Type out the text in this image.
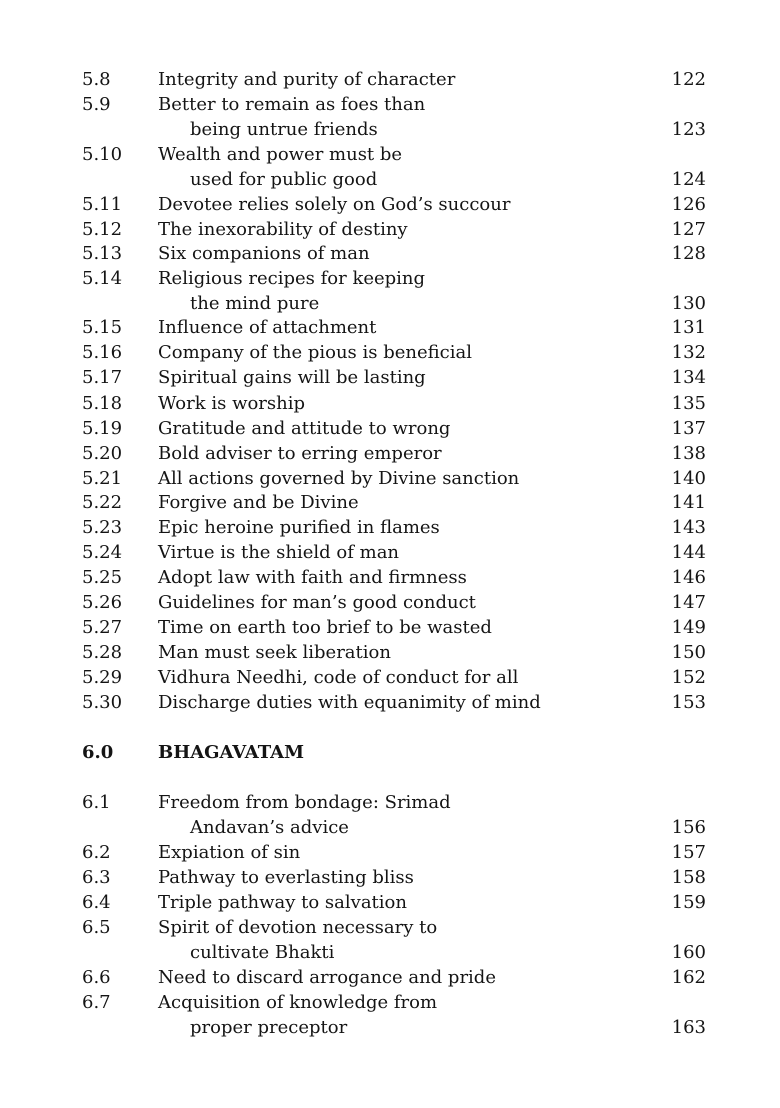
5.8	Integrity and purity of character	122
5.9	Better to remain as foes than
being untrue friends	123
5.10 Wealth and power must be
used for public good	124
5.11 Devotee relies solely on God’s succour	126
5.12 The inexorability of destiny	127
5.13 Six companions of man	128
5.14 Religious recipes for keeping
the mind pure	130
5.15 Influence of attachment	131
5.16 Company of the pious is beneficial	132
5.17 Spiritual gains will be lasting	134
5.18 Work is worship	135
5.19 Gratitude and attitude to wrong	137
5.20 Bold adviser to erring emperor	138
5.21 All actions governed by Divine sanction	140
5.22 Forgive and be Divine	141
5.23 Epic heroine purified in flames	143
5.24 Virtue is the shield of man	144
5.25 Adopt law with faith and firmness	146
5.26 Guidelines for man’s good conduct	147
5.27 Time on earth too brief to be wasted	149
5.28 Man must seek liberation	150
5.29 Vidhura Needhi, code of conduct for all	152
5.30 Discharge duties with equanimity of mind	153
6.0 BHAGAVATAM
6.1	Freedom from bondage: Srimad
Andavan’s advice	156
6.2	Expiation of sin	157
6.3	Pathway to everlasting bliss	158
6.4	Triple pathway to salvation	159
6.5	Spirit of devotion necessary to
cultivate Bhakti	160
6.6	Need to discard arrogance and pride	162
6.7	Acquisition of knowledge from
proper preceptor	163
